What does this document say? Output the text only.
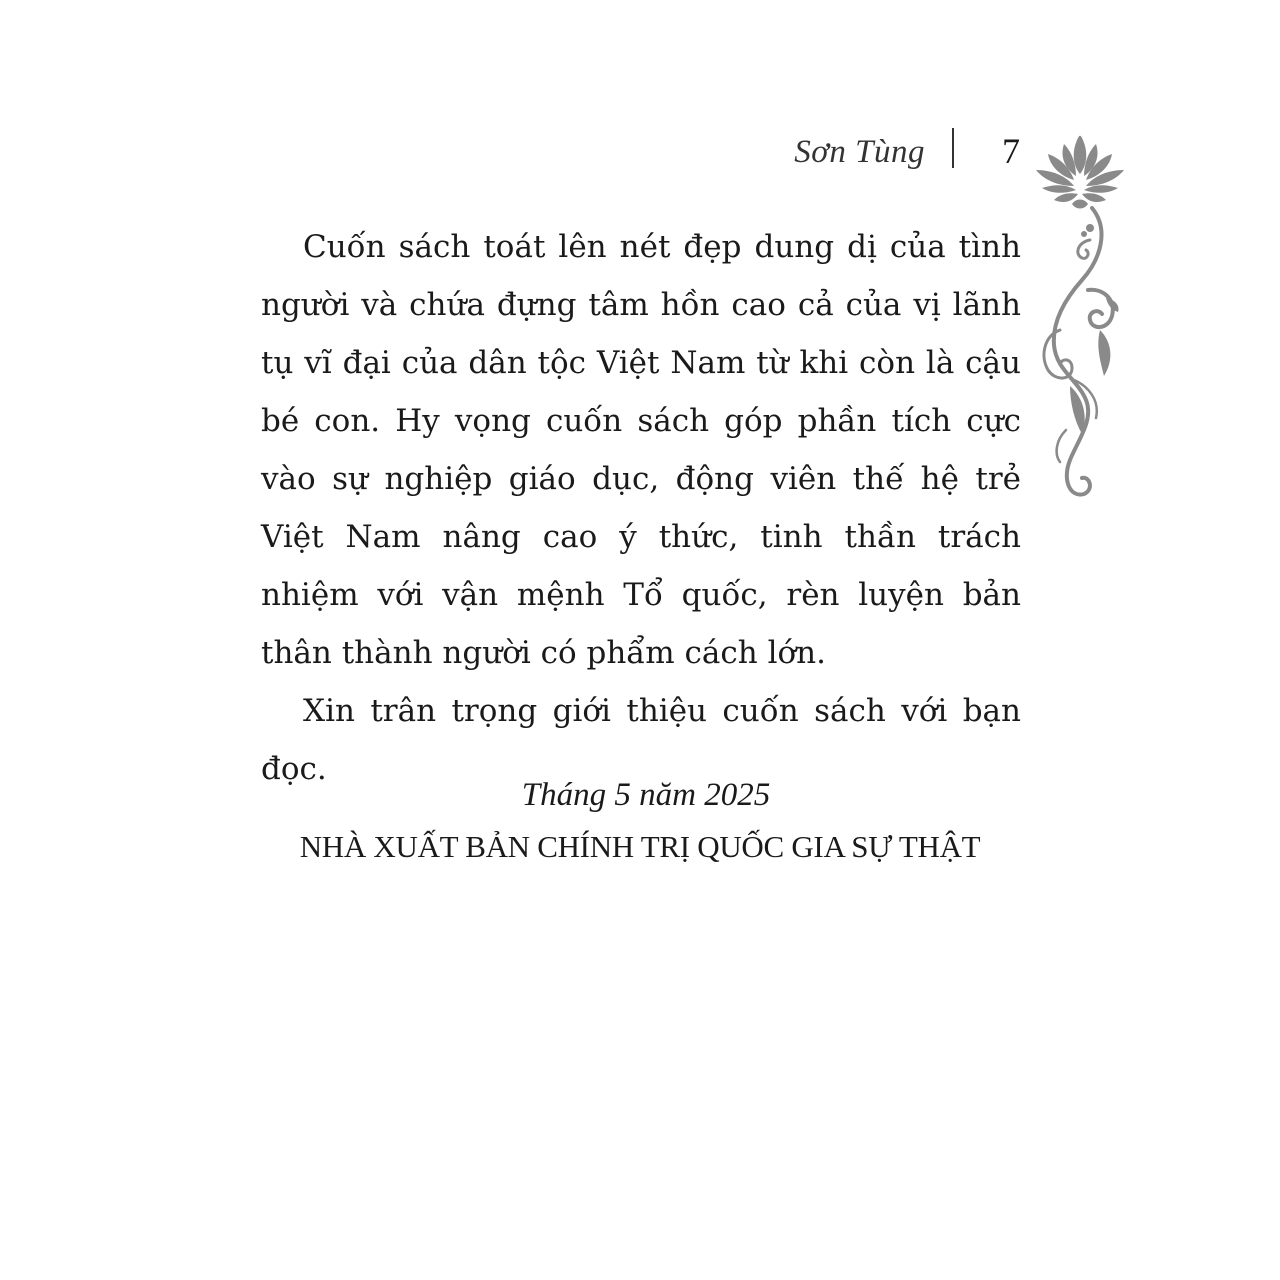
Sơn Tùng 7

Cuốn sách toát lên nét đẹp dung dị của tình người và chứa đựng tâm hồn cao cả của vị lãnh tụ vĩ đại của dân tộc Việt Nam từ khi còn là cậu bé con. Hy vọng cuốn sách góp phần tích cực vào sự nghiệp giáo dục, động viên thế hệ trẻ Việt Nam nâng cao ý thức, tinh thần trách nhiệm với vận mệnh Tổ quốc, rèn luyện bản thân thành người có phẩm cách lớn.

Xin trân trọng giới thiệu cuốn sách với bạn đọc.

Tháng 5 năm 2025
NHÀ XUẤT BẢN CHÍNH TRỊ QUỐC GIA SỰ THẬT
